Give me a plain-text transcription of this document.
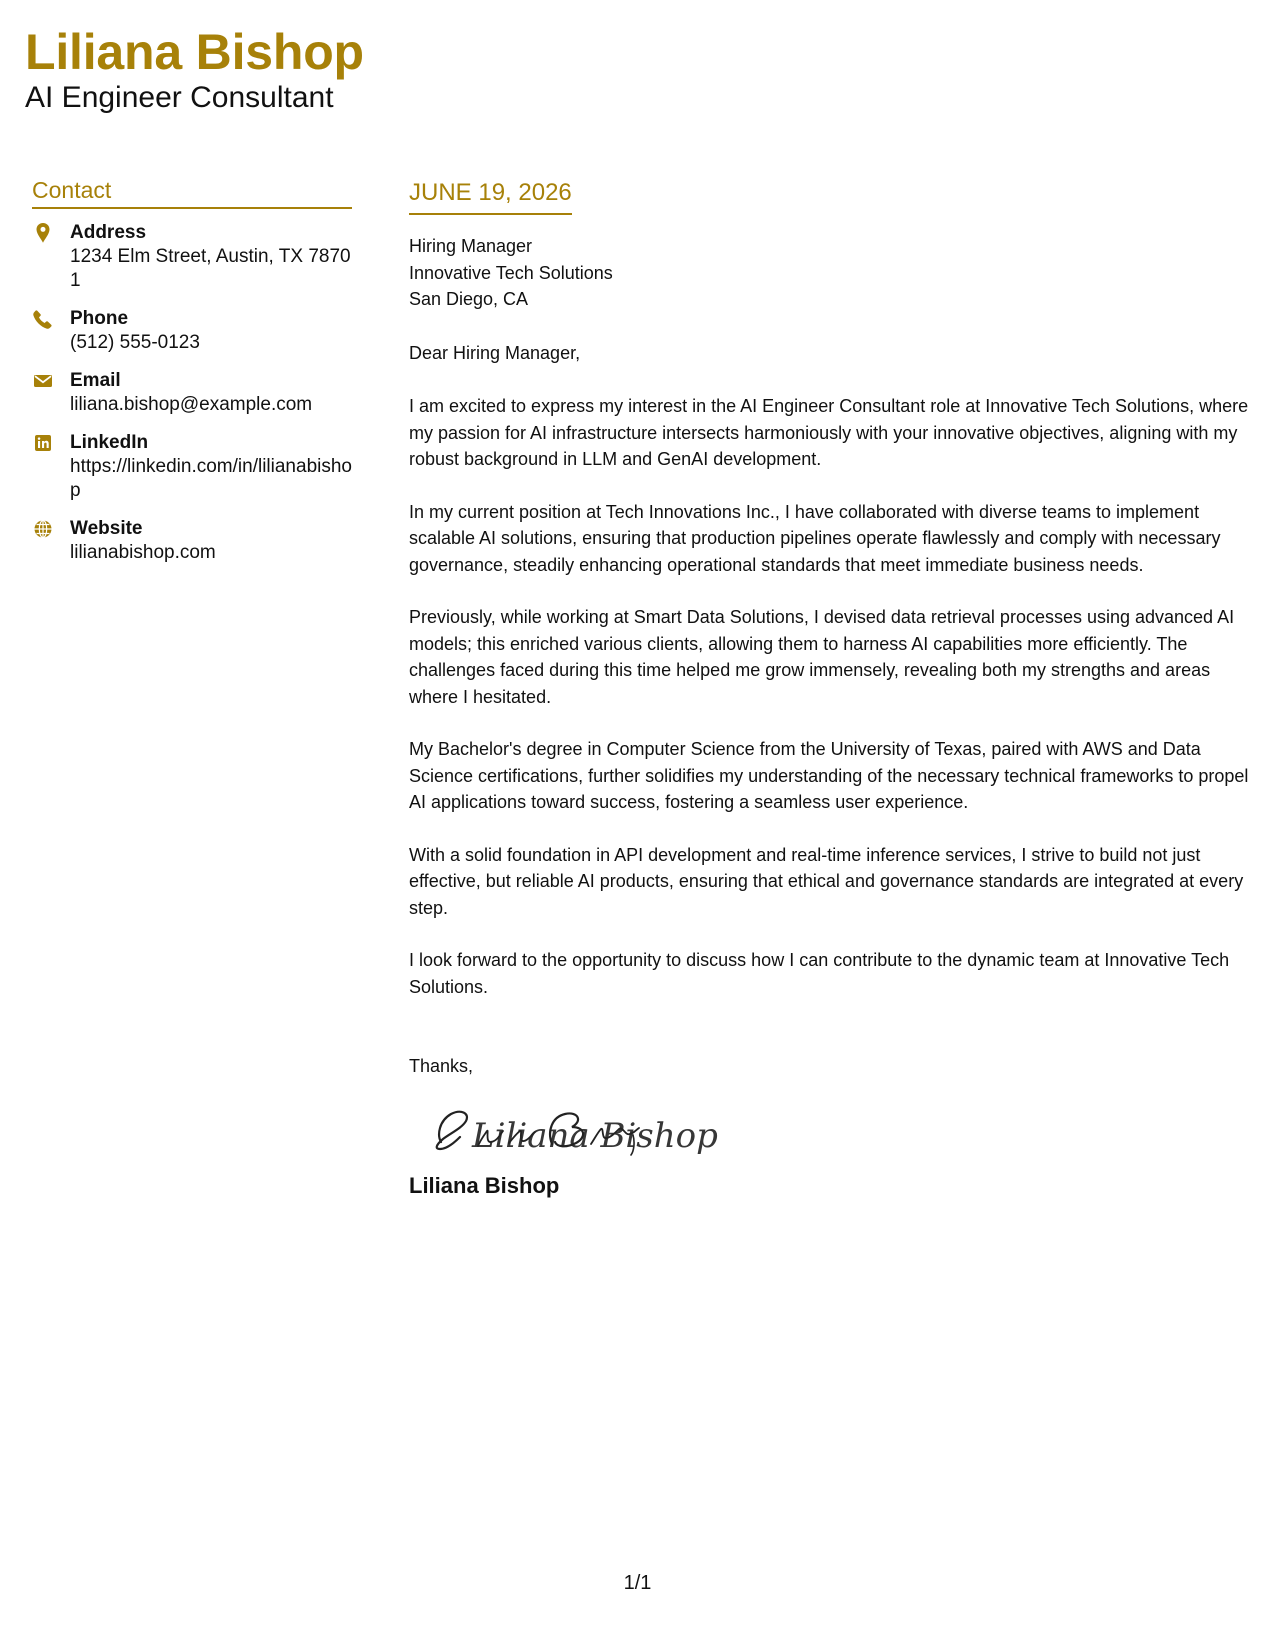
Liliana Bishop
AI Engineer Consultant
Contact
Address
1234 Elm Street, Austin, TX 78701
Phone
(512) 555-0123
Email
liliana.bishop@example.com
LinkedIn
https://linkedin.com/in/lilianabishop
Website
lilianabishop.com
JUNE 19, 2026
Hiring Manager
Innovative Tech Solutions
San Diego, CA
Dear Hiring Manager,

I am excited to express my interest in the AI Engineer Consultant role at Innovative Tech Solutions, where my passion for AI infrastructure intersects harmoniously with your innovative objectives, aligning with my robust background in LLM and GenAI development.

In my current position at Tech Innovations Inc., I have collaborated with diverse teams to implement scalable AI solutions, ensuring that production pipelines operate flawlessly and comply with necessary governance, steadily enhancing operational standards that meet immediate business needs.

Previously, while working at Smart Data Solutions, I devised data retrieval processes using advanced AI models; this enriched various clients, allowing them to harness AI capabilities more efficiently. The challenges faced during this time helped me grow immensely, revealing both my strengths and areas where I hesitated.

My Bachelor's degree in Computer Science from the University of Texas, paired with AWS and Data Science certifications, further solidifies my understanding of the necessary technical frameworks to propel AI applications toward success, fostering a seamless user experience.

With a solid foundation in API development and real-time inference services, I strive to build not just effective, but reliable AI products, ensuring that ethical and governance standards are integrated at every step.

I look forward to the opportunity to discuss how I can contribute to the dynamic team at Innovative Tech Solutions.

Thanks,
Liliana Bishop
Liliana Bishop
1/1
